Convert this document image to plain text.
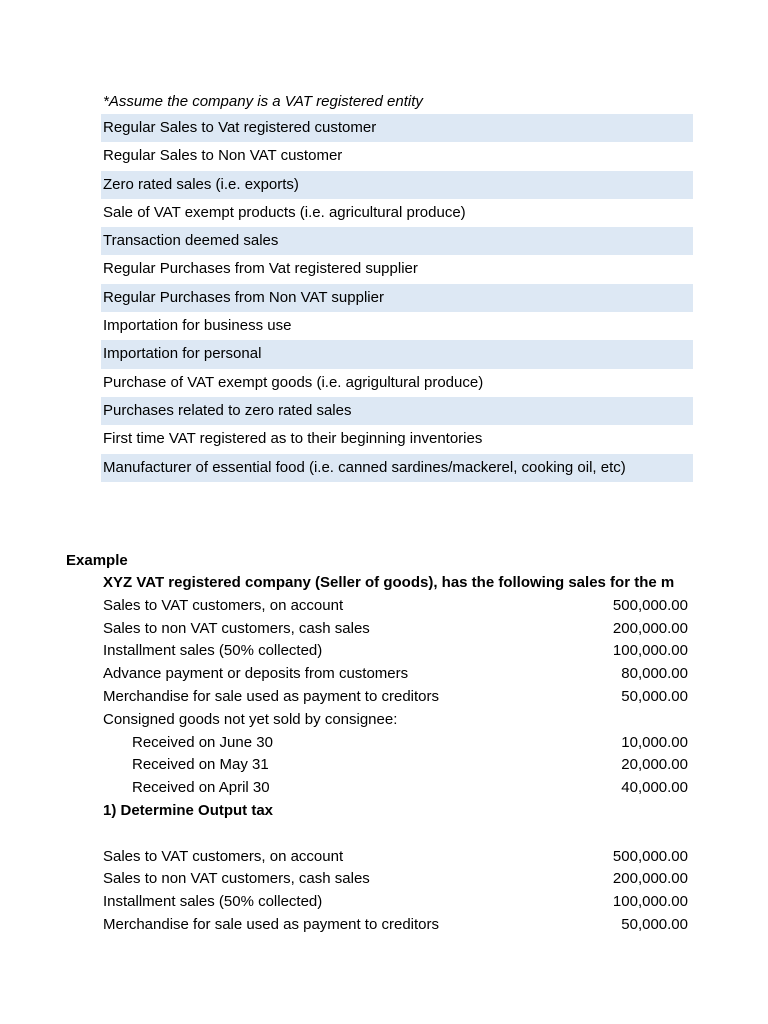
*Assume the company is a VAT registered entity
Regular Sales to Vat registered customer
Regular Sales to Non VAT customer
Zero rated sales (i.e. exports)
Sale of VAT exempt products (i.e. agricultural produce)
Transaction deemed sales
Regular Purchases from Vat registered supplier
Regular Purchases from Non VAT supplier
Importation for business use
Importation for personal
Purchase of VAT exempt goods (i.e. agrigultural produce)
Purchases related to zero rated sales
First time VAT registered as to their beginning inventories
Manufacturer of essential food (i.e. canned sardines/mackerel, cooking oil, etc)
Example
XYZ VAT registered company (Seller of goods), has the following sales for the m
Sales to VAT customers, on account	500,000.00
Sales to non VAT customers, cash sales	200,000.00
Installment sales (50% collected)	100,000.00
Advance payment or deposits from customers	80,000.00
Merchandise for sale used as payment to creditors	50,000.00
Consigned goods not yet sold by consignee:
Received on June 30	10,000.00
Received on May 31	20,000.00
Received on April 30	40,000.00
1) Determine Output tax
Sales to VAT customers, on account	500,000.00
Sales to non VAT customers, cash sales	200,000.00
Installment sales (50% collected)	100,000.00
Merchandise for sale used as payment to creditors	50,000.00
